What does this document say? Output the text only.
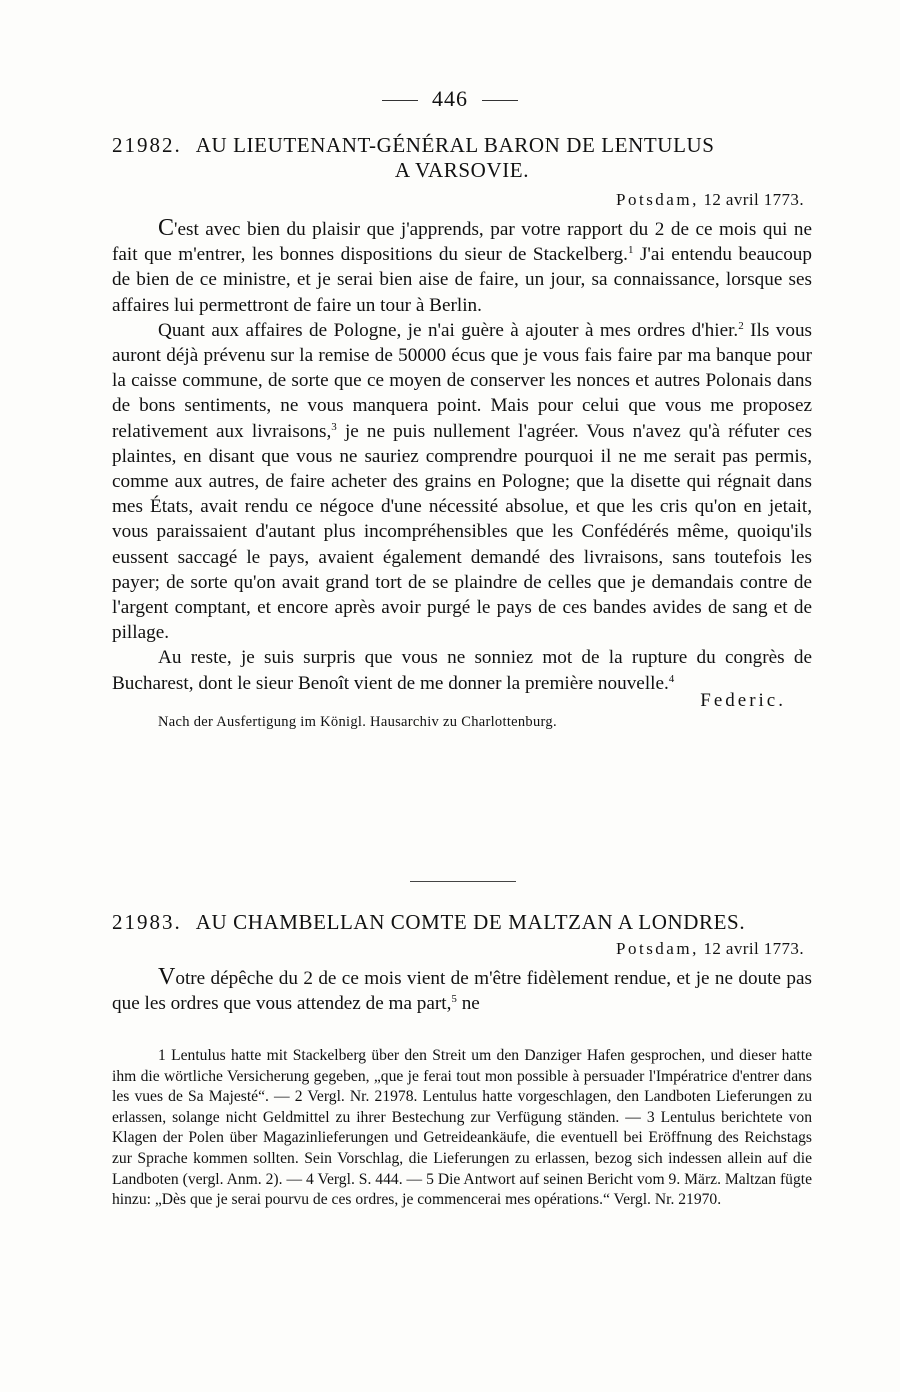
446
21982. AU LIEUTENANT-GÉNÉRAL BARON DE LENTULUS
A VARSOVIE.
Potsdam, 12 avril 1773.

C'est avec bien du plaisir que j'apprends, par votre rapport du 2 de ce mois qui ne fait que m'entrer, les bonnes dispositions du sieur de Stackelberg.$^1$ J'ai entendu beaucoup de bien de ce ministre, et je serai bien aise de faire, un jour, sa connaissance, lorsque ses affaires lui permettront de faire un tour à Berlin.

Quant aux affaires de Pologne, je n'ai guère à ajouter à mes ordres d'hier.$^2$ Ils vous auront déjà prévenu sur la remise de 50000 écus que je vous fais faire par ma banque pour la caisse commune, de sorte que ce moyen de conserver les nonces et autres Polonais dans de bons sentiments, ne vous manquera point. Mais pour celui que vous me proposez relativement aux livraisons,$^3$ je ne puis nullement l'agréer. Vous n'avez qu'à réfuter ces plaintes, en disant que vous ne sauriez comprendre pourquoi il ne me serait pas permis, comme aux autres, de faire acheter des grains en Pologne; que la disette qui régnait dans mes États, avait rendu ce négoce d'une nécessité absolue, et que les cris qu'on en jetait, vous paraissaient d'autant plus incompréhensibles que les Confédérés même, quoiqu'ils eussent saccagé le pays, avaient également demandé des livraisons, sans toutefois les payer; de sorte qu'on avait grand tort de se plaindre de celles que je demandais contre de l'argent comptant, et encore après avoir purgé le pays de ces bandes avides de sang et de pillage.

Au reste, je suis surpris que vous ne sonniez mot de la rupture du congrès de Bucharest, dont le sieur Benoît vient de me donner la première nouvelle.$^4$

Federic.
Nach der Ausfertigung im Königl. Hausarchiv zu Charlottenburg.
21983. AU CHAMBELLAN COMTE DE MALTZAN A LONDRES.
Potsdam, 12 avril 1773.

Votre dépêche du 2 de ce mois vient de m'être fidèlement rendue, et je ne doute pas que les ordres que vous attendez de ma part,$^5$ ne

1 Lentulus hatte mit Stackelberg über den Streit um den Danziger Hafen gesprochen, und dieser hatte ihm die wörtliche Versicherung gegeben, „que je ferai tout mon possible à persuader l'Impératrice d'entrer dans les vues de Sa Majesté“. — 2 Vergl. Nr. 21978. Lentulus hatte vorgeschlagen, den Landboten Lieferungen zu erlassen, solange nicht Geldmittel zu ihrer Bestechung zur Verfügung ständen. — 3 Lentulus berichtete von Klagen der Polen über Magazinlieferungen und Getreideankäufe, die eventuell bei Eröffnung des Reichstags zur Sprache kommen sollten. Sein Vorschlag, die Lieferungen zu erlassen, bezog sich indessen allein auf die Landboten (vergl. Anm. 2). — 4 Vergl. S. 444. — 5 Die Antwort auf seinen Bericht vom 9. März. Maltzan fügte hinzu: „Dès que je serai pourvu de ces ordres, je commencerai mes opérations.“ Vergl. Nr. 21970.
